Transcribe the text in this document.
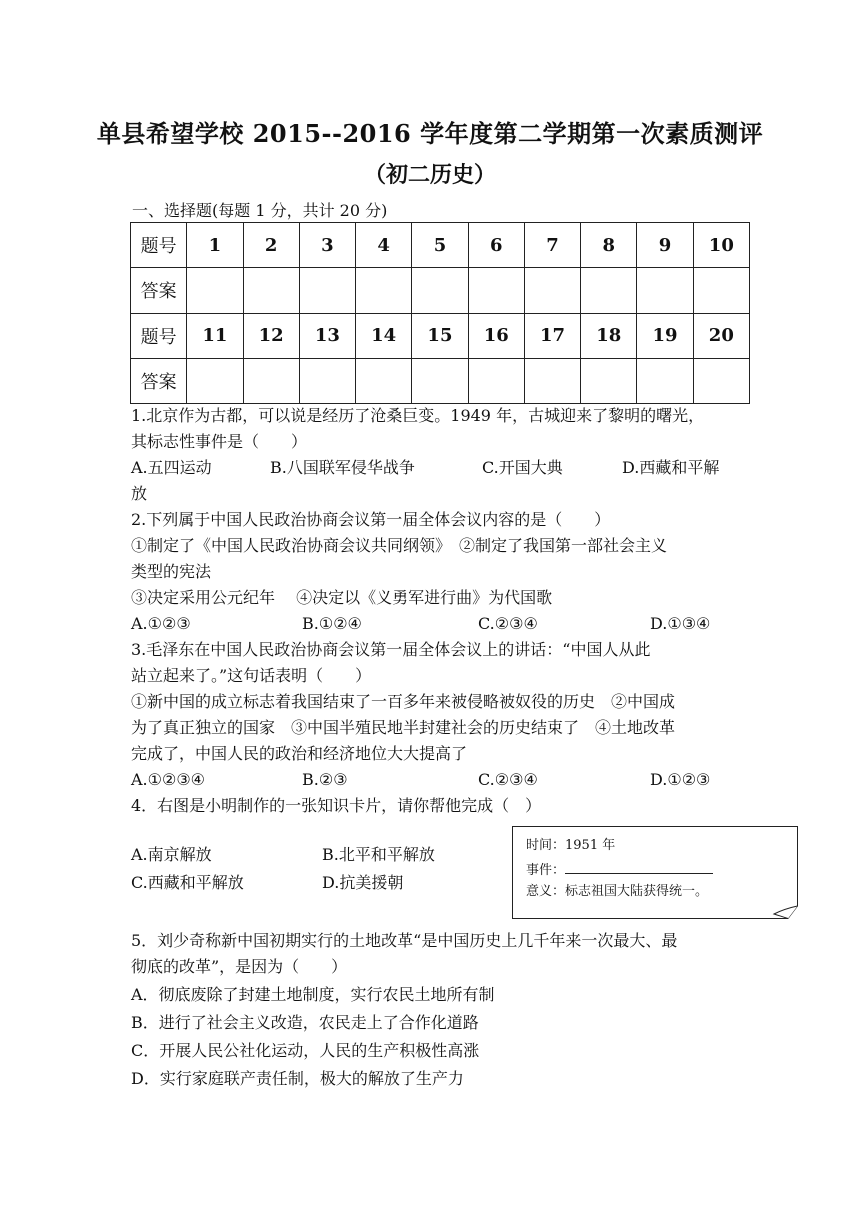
单县希望学校 2015--2016 学年度第二学期第一次素质测评
（初二历史）
一、选择题(每题 1 分，共计 20 分)
题号	1	2	3	4	5	6	7	8	9	10
答案										
题号	11	12	13	14	15	16	17	18	19	20
答案										
1.北京作为古都，可以说是经历了沧桑巨变。1949 年，古城迎来了黎明的曙光，
其标志性事件是（　　）
A.五四运动	B.八国联军侵华战争	C.开国大典	D.西藏和平解
放
2.下列属于中国人民政治协商会议第一届全体会议内容的是（　　）
①制定了《中国人民政治协商会议共同纲领》　②制定了我国第一部社会主义
类型的宪法
③决定采用公元纪年　 ④决定以《义勇军进行曲》为代国歌
A.①②③	B.①②④	C.②③④	D.①③④
3.毛泽东在中国人民政治协商会议第一届全体会议上的讲话：“中国人从此
站立起来了。”这句话表明（　　）
①新中国的成立标志着我国结束了一百多年来被侵略被奴役的历史　②中国成
为了真正独立的国家　③中国半殖民地半封建社会的历史结束了　④土地改革
完成了，中国人民的政治和经济地位大大提高了
A.①②③④	B.②③	C.②③④	D.①②③
4．右图是小明制作的一张知识卡片，请你帮他完成（　）
A.南京解放	B.北平和平解放
C.西藏和平解放	D.抗美援朝
时间：1951 年
事件：
意义：标志祖国大陆获得统一。
5．刘少奇称新中国初期实行的土地改革“是中国历史上几千年来一次最大、最
彻底的改革”，是因为（　　）
A．彻底废除了封建土地制度，实行农民土地所有制
B．进行了社会主义改造，农民走上了合作化道路
C．开展人民公社化运动，人民的生产积极性高涨
D．实行家庭联产责任制，极大的解放了生产力
